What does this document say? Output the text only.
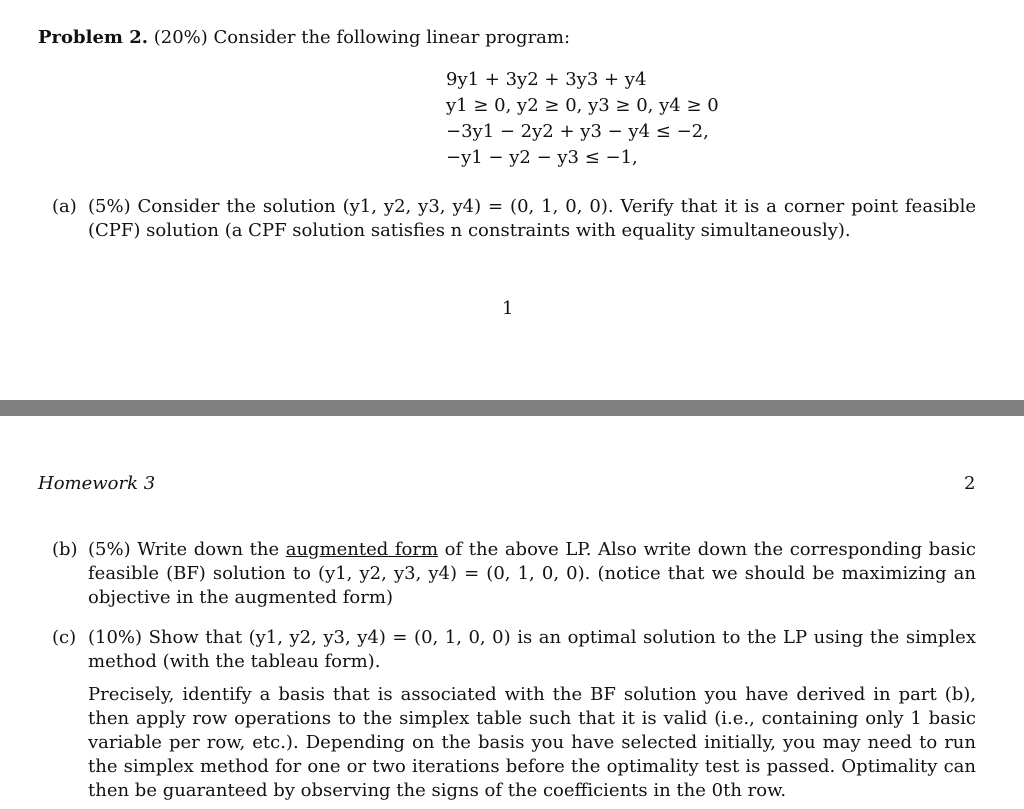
Problem 2. (20%) Consider the following linear program:
9y1 + 3y2 + 3y3 + y4
y1 ≥ 0, y2 ≥ 0, y3 ≥ 0, y4 ≥ 0
−3y1 − 2y2 + y3 − y4 ≤ −2,
−y1 − y2 − y3 ≤ −1,
(a) (5%) Consider the solution (y1, y2, y3, y4) = (0, 1, 0, 0). Verify that it is a corner point feasible (CPF) solution (a CPF solution satisfies n constraints with equality simultaneously).

1
Homework 3	2
(b) (5%) Write down the augmented form of the above LP. Also write down the corresponding basic feasible (BF) solution to (y1, y2, y3, y4) = (0, 1, 0, 0). (notice that we should be maximizing an objective in the augmented form)

(c) (10%) Show that (y1, y2, y3, y4) = (0, 1, 0, 0) is an optimal solution to the LP using the simplex method (with the tableau form).

Precisely, identify a basis that is associated with the BF solution you have derived in part (b), then apply row operations to the simplex table such that it is valid (i.e., containing only 1 basic variable per row, etc.). Depending on the basis you have selected initially, you may need to run the simplex method for one or two iterations before the optimality test is passed. Optimality can then be guaranteed by observing the signs of the coefficients in the 0th row.
